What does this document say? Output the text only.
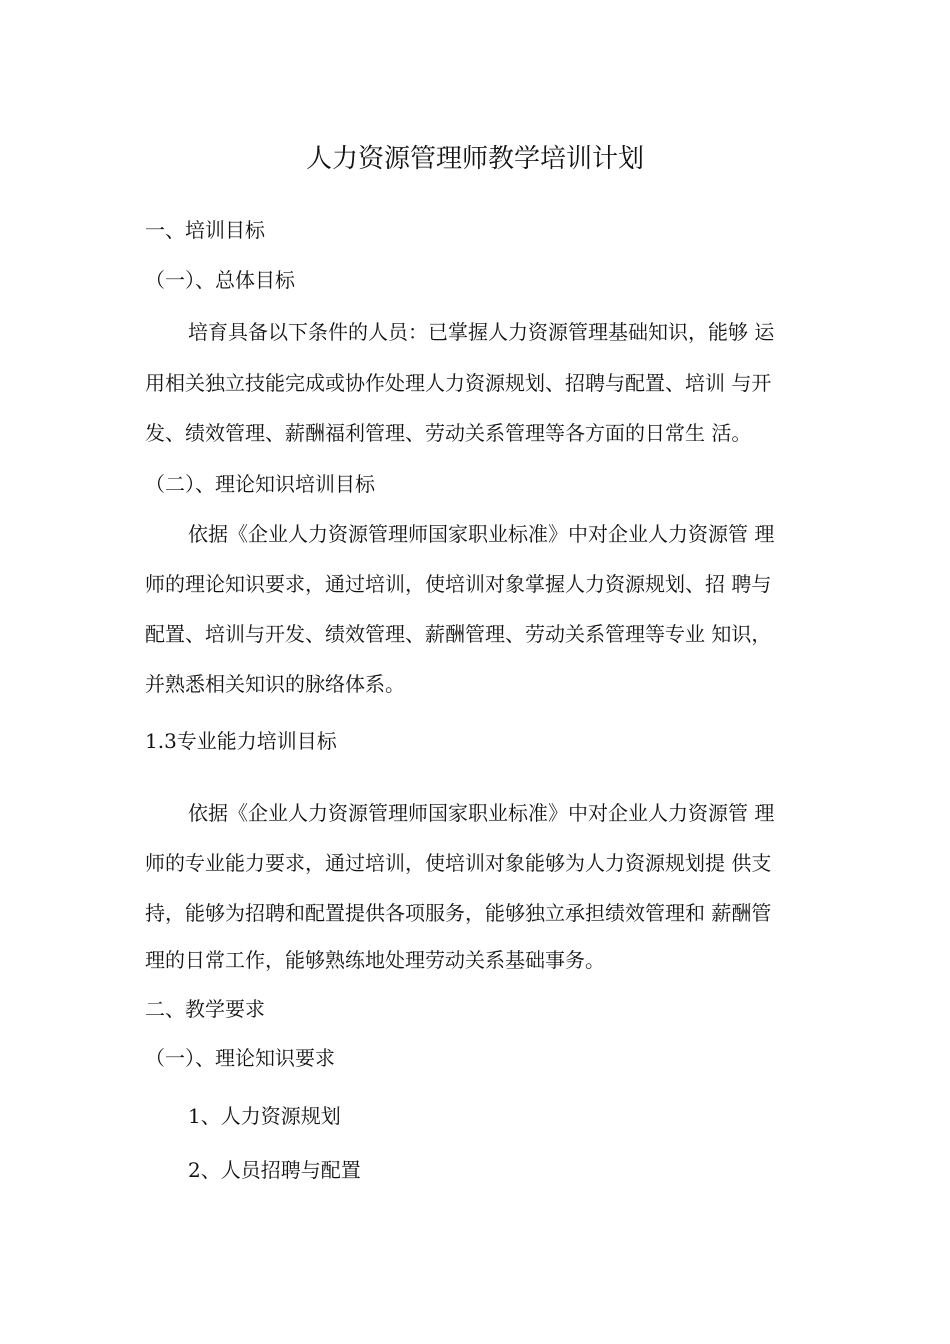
人力资源管理师教学培训计划
一、培训目标
（一）、总体目标
培育具备以下条件的人员：已掌握人力资源管理基础知识，能够 运
用相关独立技能完成或协作处理人力资源规划、招聘与配置、培训 与开
发、绩效管理、薪酬福利管理、劳动关系管理等各方面的日常生 活。
（二）、理论知识培训目标
依据《企业人力资源管理师国家职业标准》中对企业人力资源管 理
师的理论知识要求，通过培训，使培训对象掌握人力资源规划、招 聘与
配置、培训与开发、绩效管理、薪酬管理、劳动关系管理等专业 知识，
并熟悉相关知识的脉络体系。
1.3专业能力培训目标
依据《企业人力资源管理师国家职业标准》中对企业人力资源管 理
师的专业能力要求，通过培训，使培训对象能够为人力资源规划提 供支
持，能够为招聘和配置提供各项服务，能够独立承担绩效管理和 薪酬管
理的日常工作，能够熟练地处理劳动关系基础事务。
二、教学要求
（一）、理论知识要求
1、人力资源规划
2、人员招聘与配置
